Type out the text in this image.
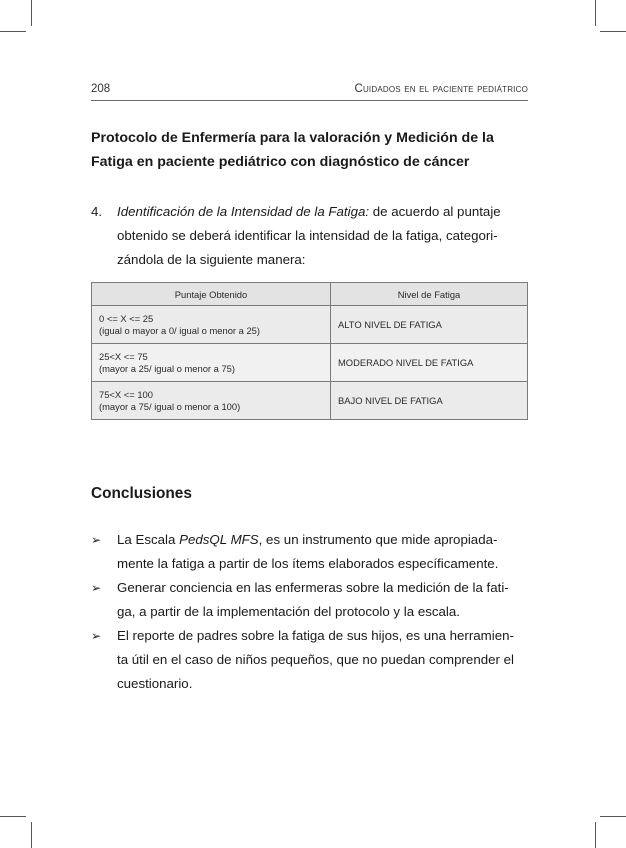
208	Cuidados en el paciente pediátrico
Protocolo de Enfermería para la valoración y Medición de la
Fatiga en paciente pediátrico con diagnóstico de cáncer
4. Identificación de la Intensidad de la Fatiga: de acuerdo al puntaje
obtenido se deberá identificar la intensidad de la fatiga, categori-
zándola de la siguiente manera:
Puntaje Obtenido	Nivel de Fatiga
0 <= X <= 25
(igual o mayor a 0/ igual o menor a 25)	ALTO NIVEL DE FATIGA
25<X <= 75
(mayor a 25/ igual o menor a 75)	MODERADO NIVEL DE FATIGA
75<X <= 100
(mayor a 75/ igual o menor a 100)	BAJO NIVEL DE FATIGA
Conclusiones
➢ La Escala PedsQL MFS, es un instrumento que mide apropiada-
mente la fatiga a partir de los ítems elaborados específicamente.
➢ Generar conciencia en las enfermeras sobre la medición de la fati-
ga, a partir de la implementación del protocolo y la escala.
➢ El reporte de padres sobre la fatiga de sus hijos, es una herramien-
ta útil en el caso de niños pequeños, que no puedan comprender el
cuestionario.
